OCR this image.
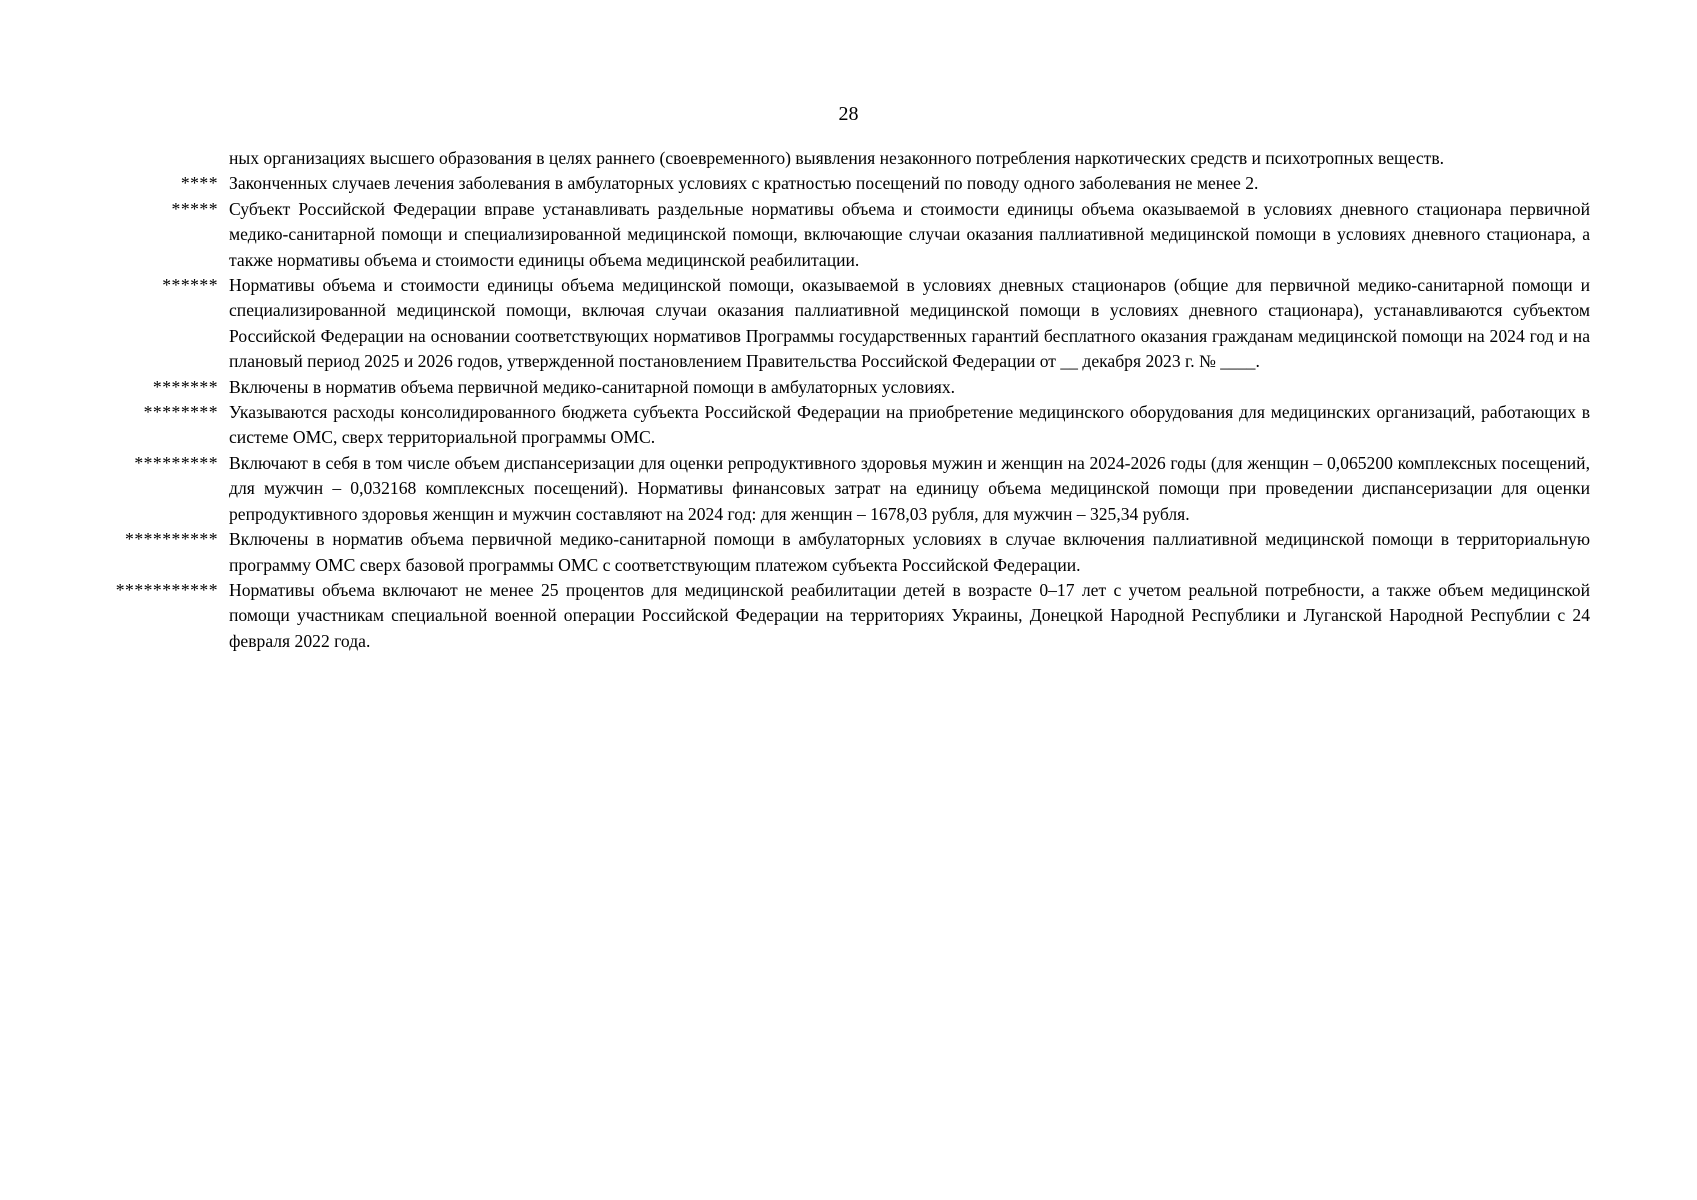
28
ных организациях высшего образования в целях раннего (своевременного) выявления незаконного потребления наркотических средств и психотропных веществ.
**** Законченных случаев лечения заболевания в амбулаторных условиях с кратностью посещений по поводу одного заболевания не менее 2.
***** Субъект Российской Федерации вправе устанавливать раздельные нормативы объема и стоимости единицы объема оказываемой в условиях дневного стационара первичной медико-санитарной помощи и специализированной медицинской помощи, включающие случаи оказания паллиативной медицинской помощи в условиях дневного стационара, а также нормативы объема и стоимости единицы объема медицинской реабилитации.
****** Нормативы объема и стоимости единицы объема медицинской помощи, оказываемой в условиях дневных стационаров (общие для первичной медико-санитарной помощи и специализированной медицинской помощи, включая случаи оказания паллиативной медицинской помощи в условиях дневного стационара), устанавливаются субъектом Российской Федерации на основании соответствующих нормативов Программы государственных гарантий бесплатного оказания гражданам медицинской помощи на 2024 год и на плановый период 2025 и 2026 годов, утвержденной постановлением Правительства Российской Федерации от __ декабря 2023 г. № ____.
******* Включены в норматив объема первичной медико-санитарной помощи в амбулаторных условиях.
******** Указываются расходы консолидированного бюджета субъекта Российской Федерации на приобретение медицинского оборудования для медицинских организаций, работающих в системе ОМС, сверх территориальной программы ОМС.
********* Включают в себя в том числе объем диспансеризации для оценки репродуктивного здоровья мужин и женщин на 2024-2026 годы (для женщин – 0,065200 комплексных посещений, для мужчин – 0,032168 комплексных посещений). Нормативы финансовых затрат на единицу объема медицинской помощи при проведении диспансеризации для оценки репродуктивного здоровья женщин и мужчин составляют на 2024 год: для женщин – 1678,03 рубля, для мужчин – 325,34 рубля.
********** Включены в норматив объема первичной медико-санитарной помощи в амбулаторных условиях в случае включения паллиативной медицинской помощи в территориальную программу ОМС сверх базовой программы ОМС с соответствующим платежом субъекта Российской Федерации.
*********** Нормативы объема включают не менее 25 процентов для медицинской реабилитации детей в возрасте 0–17 лет с учетом реальной потребности, а также объем медицинской помощи участникам специальной военной операции Российской Федерации на территориях Украины, Донецкой Народной Республики и Луганской Народной Республии с 24 февраля 2022 года.
